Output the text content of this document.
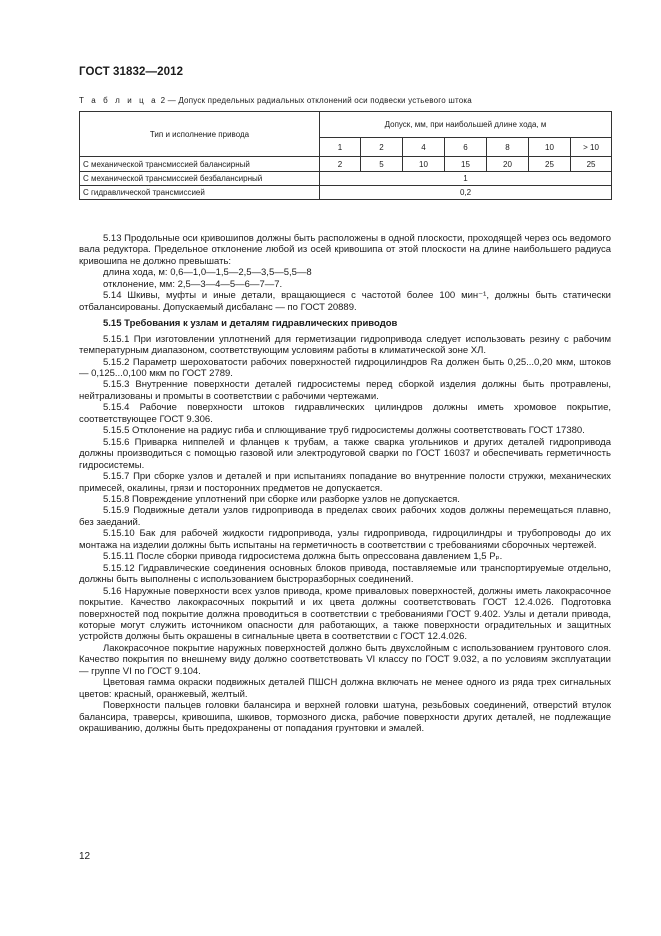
ГОСТ 31832—2012
Т а б л и ц а 2 — Допуск предельных радиальных отклонений оси подвески устьевого штока
Тип и исполнение привода	Допуск, мм, при наибольшей длине хода, м						
	1	2	4	6	8	10	> 10
С механической трансмиссией балансирный	2	5	10	15	20	25	25
С механической трансмиссией безбалансирный	1						
С гидравлической трансмиссией	0,2						

5.13 Продольные оси кривошипов должны быть расположены в одной плоскости, проходящей через ось ведомого вала редуктора. Предельное отклонение любой из осей кривошипа от этой плоскости на длине наибольшего радиуса кривошипа не должно превышать:

длина хода, м: 0,6—1,0—1,5—2,5—3,5—5,5—8

отклонение, мм: 2,5—3—4—5—6—7—7.

5.14 Шкивы, муфты и иные детали, вращающиеся с частотой более 100 мин⁻¹, должны быть статически отбалансированы. Допускаемый дисбаланс — по ГОСТ 20889.

5.15 Требования к узлам и деталям гидравлических приводов

5.15.1 При изготовлении уплотнений для герметизации гидропривода следует использовать резину с рабочим температурным диапазоном, соответствующим условиям работы в климатической зоне ХЛ.

5.15.2 Параметр шероховатости рабочих поверхностей гидроцилиндров Ra должен быть 0,25...0,20 мкм, штоков — 0,125...0,100 мкм по ГОСТ 2789.

5.15.3 Внутренние поверхности деталей гидросистемы перед сборкой изделия должны быть протравлены, нейтрализованы и промыты в соответствии с рабочими чертежами.

5.15.4 Рабочие поверхности штоков гидравлических цилиндров должны иметь хромовое покрытие, соответствующее ГОСТ 9.306.

5.15.5 Отклонение на радиус гиба и сплющивание труб гидросистемы должны соответствовать ГОСТ 17380.

5.15.6 Приварка ниппелей и фланцев к трубам, а также сварка угольников и других деталей гидропривода должны производиться с помощью газовой или электродуговой сварки по ГОСТ 16037 и обеспечивать герметичность гидросистемы.

5.15.7 При сборке узлов и деталей и при испытаниях попадание во внутренние полости стружки, механических примесей, окалины, грязи и посторонних предметов не допускается.

5.15.8 Повреждение уплотнений при сборке или разборке узлов не допускается.

5.15.9 Подвижные детали узлов гидропривода в пределах своих рабочих ходов должны перемещаться плавно, без заеданий.

5.15.10 Бак для рабочей жидкости гидропривода, узлы гидропривода, гидроцилиндры и трубопроводы до их монтажа на изделии должны быть испытаны на герметичность в соответствии с требованиями сборочных чертежей.

5.15.11 После сборки привода гидросистема должна быть опрессована давлением 1,5 Pₚ.

5.15.12 Гидравлические соединения основных блоков привода, поставляемые или транспортируемые отдельно, должны быть выполнены с использованием быстроразборных соединений.

5.16 Наружные поверхности всех узлов привода, кроме приваловых поверхностей, должны иметь лакокрасочное покрытие. Качество лакокрасочных покрытий и их цвета должны соответствовать ГОСТ 12.4.026. Подготовка поверхностей под покрытие должна проводиться в соответствии с требованиями ГОСТ 9.402. Узлы и детали привода, которые могут служить источником опасности для работающих, а также поверхности оградительных и защитных устройств должны быть окрашены в сигнальные цвета в соответствии с ГОСТ 12.4.026.

Лакокрасочное покрытие наружных поверхностей должно быть двухслойным с использованием грунтового слоя. Качество покрытия по внешнему виду должно соответствовать VI классу по ГОСТ 9.032, а по условиям эксплуатации — группе VI по ГОСТ 9.104.

Цветовая гамма окраски подвижных деталей ПШСН должна включать не менее одного из ряда трех сигнальных цветов: красный, оранжевый, желтый.

Поверхности пальцев головки балансира и верхней головки шатуна, резьбовых соединений, отверстий втулок балансира, траверсы, кривошипа, шкивов, тормозного диска, рабочие поверхности других деталей, не подлежащие окрашиванию, должны быть предохранены от попадания грунтовки и эмалей.

12
